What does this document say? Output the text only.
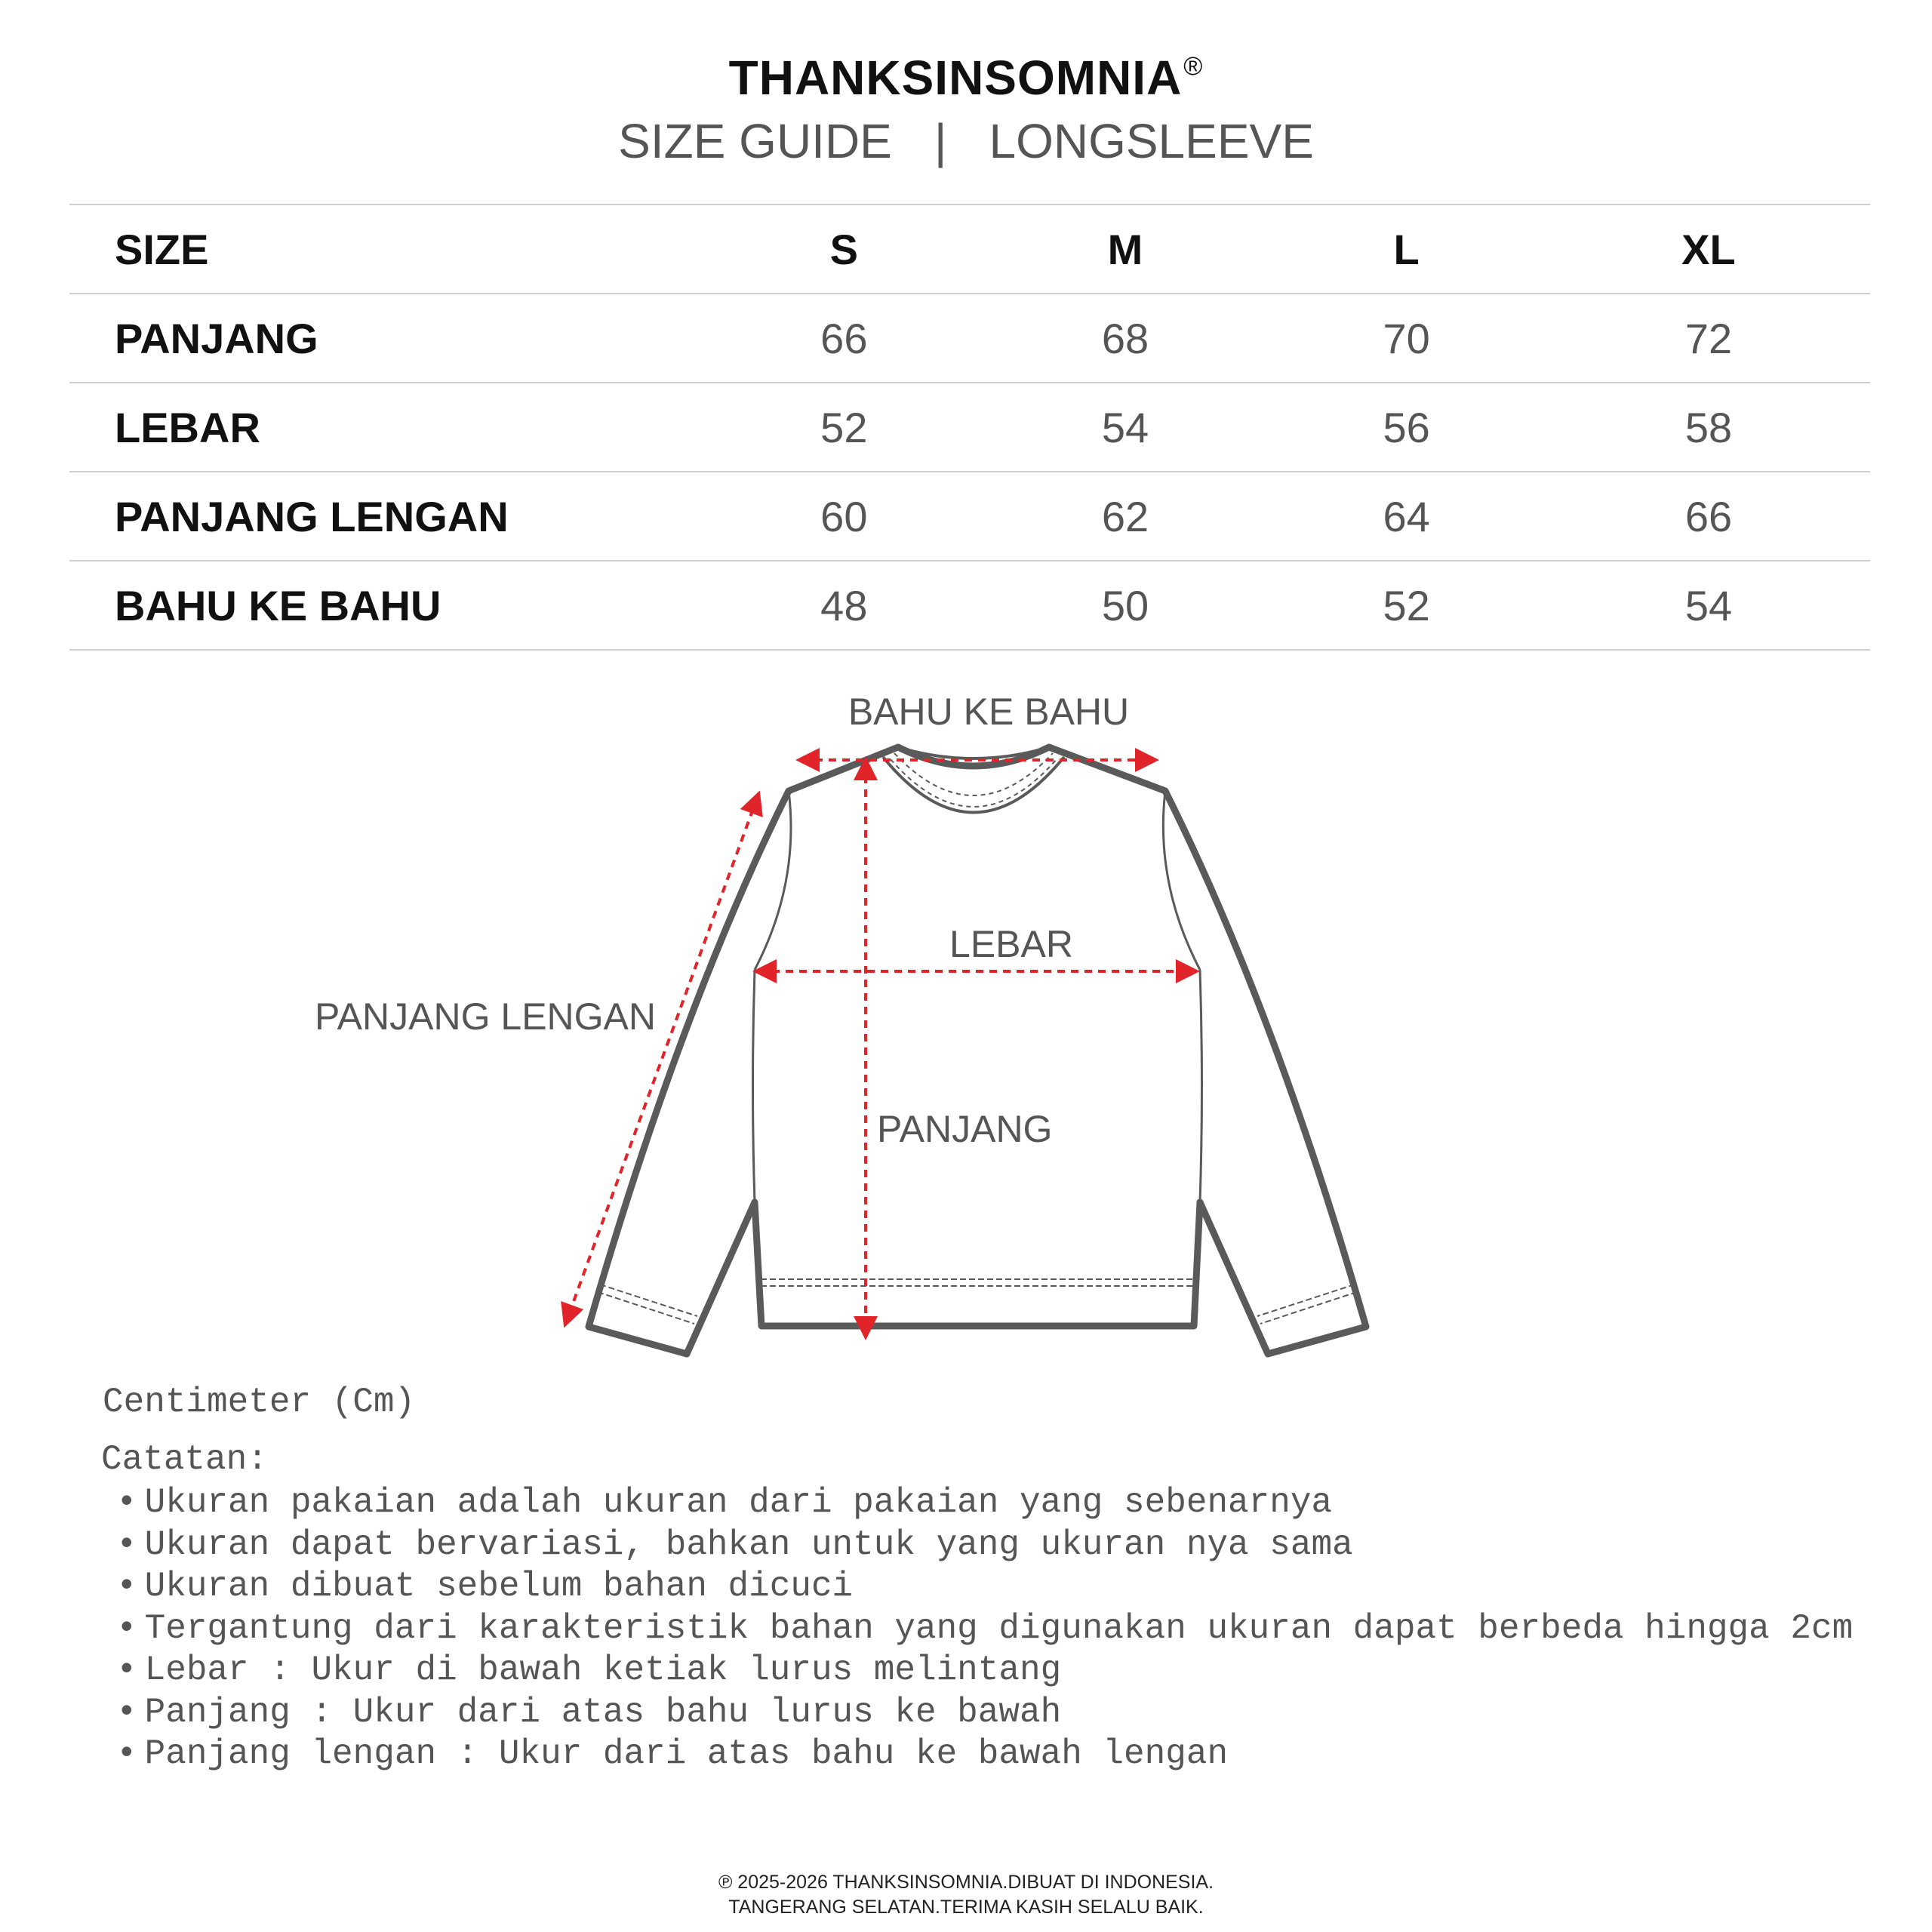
THANKSINSOMNIA®
SIZE GUIDE | LONGSLEEVE
SIZE	S	M	L	XL
PANJANG	66	68	70	72
LEBAR	52	54	56	58
PANJANG LENGAN	60	62	64	66
BAHU KE BAHU	48	50	52	54
BAHU KE BAHU
LEBAR
PANJANG LENGAN
PANJANG
Centimeter (Cm)
Catatan:
• Ukuran pakaian adalah ukuran dari pakaian yang sebenarnya
• Ukuran dapat bervariasi, bahkan untuk yang ukuran nya sama
• Ukuran dibuat sebelum bahan dicuci
• Tergantung dari karakteristik bahan yang digunakan ukuran dapat berbeda hingga 2cm
• Lebar : Ukur di bawah ketiak lurus melintang
• Panjang : Ukur dari atas bahu lurus ke bawah
• Panjang lengan : Ukur dari atas bahu ke bawah lengan
℗ 2025-2026 THANKSINSOMNIA.DIBUAT DI INDONESIA.
TANGERANG SELATAN.TERIMA KASIH SELALU BAIK.
